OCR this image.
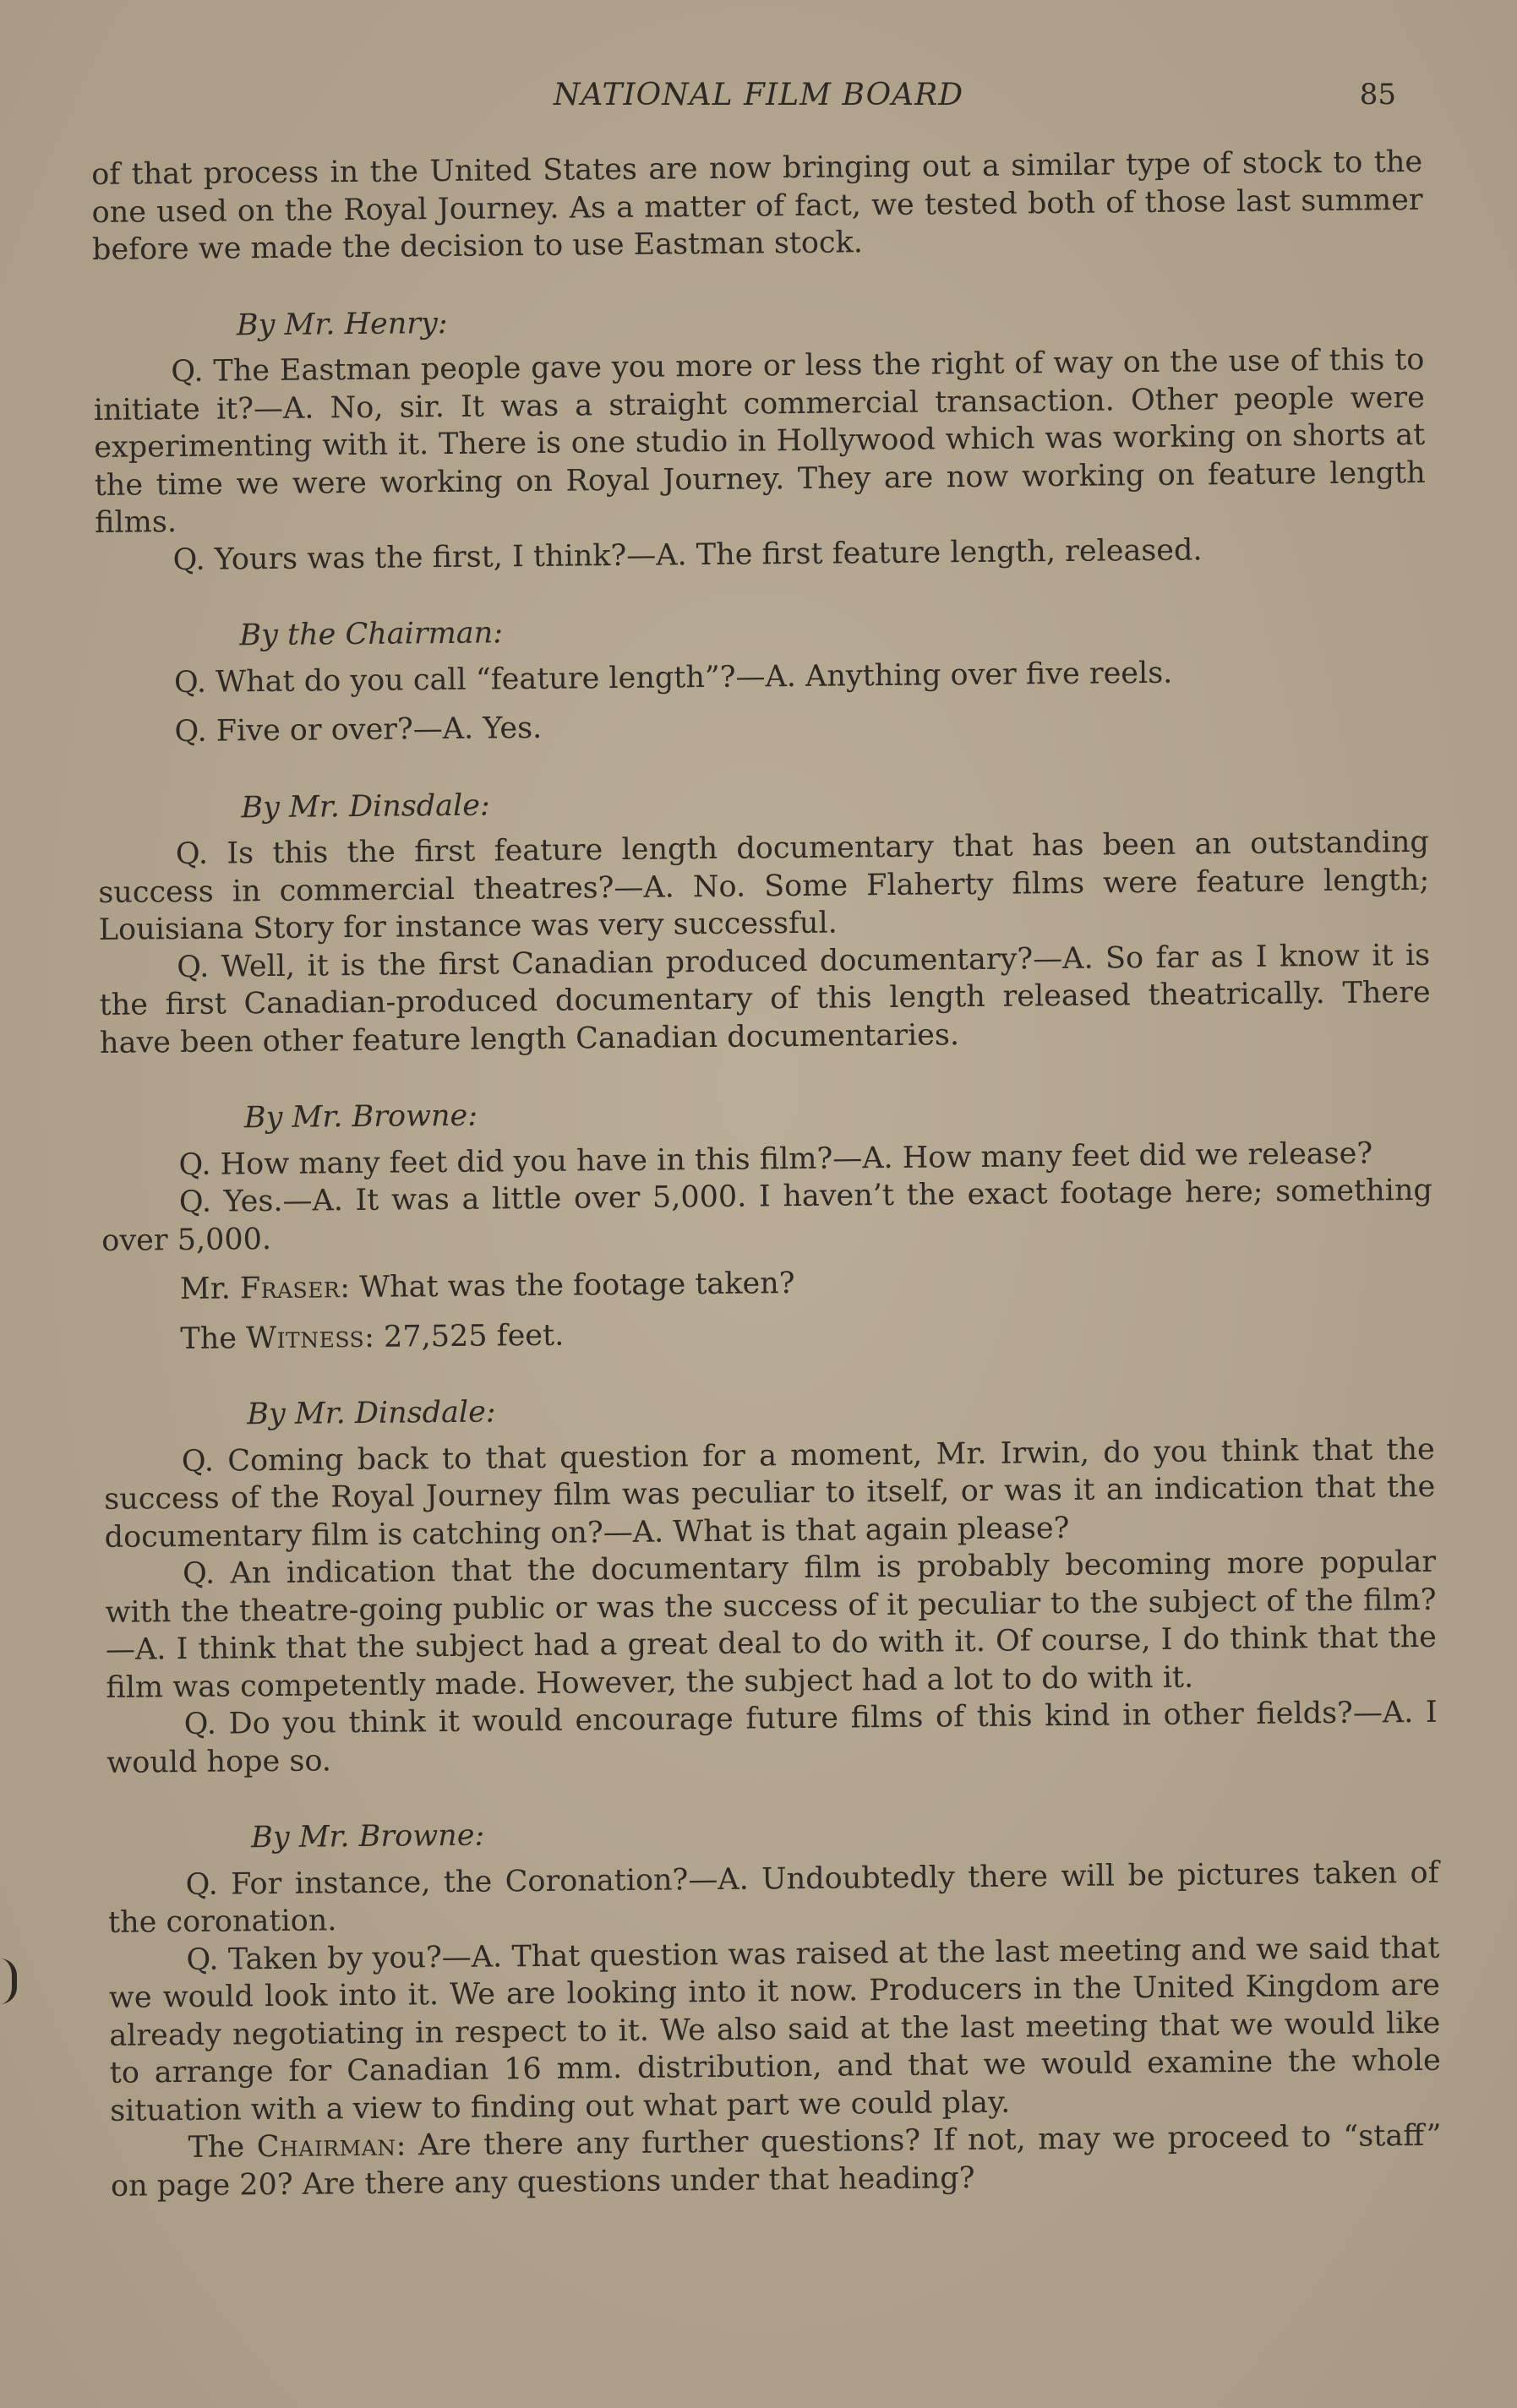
NATIONAL FILM BOARD	85

of that process in the United States are now bringing out a similar type of stock to the one used on the Royal Journey. As a matter of fact, we tested both of those last summer before we made the decision to use Eastman stock.

By Mr. Henry:

Q. The Eastman people gave you more or less the right of way on the use of this to initiate it?—A. No, sir. It was a straight commercial transaction. Other people were experimenting with it. There is one studio in Hollywood which was working on shorts at the time we were working on Royal Journey. They are now working on feature length films.

Q. Yours was the first, I think?—A. The first feature length, released.

By the Chairman:

Q. What do you call “feature length”?—A. Anything over five reels.

Q. Five or over?—A. Yes.

By Mr. Dinsdale:

Q. Is this the first feature length documentary that has been an outstanding success in commercial theatres?—A. No. Some Flaherty films were feature length; Louisiana Story for instance was very successful.

Q. Well, it is the first Canadian produced documentary?—A. So far as I know it is the first Canadian-produced documentary of this length released theatrically. There have been other feature length Canadian documentaries.

By Mr. Browne:

Q. How many feet did you have in this film?—A. How many feet did we release?

Q. Yes.—A. It was a little over 5,000. I haven’t the exact footage here; something over 5,000.

Mr. Fraser: What was the footage taken?

The Witness: 27,525 feet.

By Mr. Dinsdale:

Q. Coming back to that question for a moment, Mr. Irwin, do you think that the success of the Royal Journey film was peculiar to itself, or was it an indication that the documentary film is catching on?—A. What is that again please?

Q. An indication that the documentary film is probably becoming more popular with the theatre-going public or was the success of it peculiar to the subject of the film?—A. I think that the subject had a great deal to do with it. Of course, I do think that the film was competently made. However, the subject had a lot to do with it.

Q. Do you think it would encourage future films of this kind in other fields?—A. I would hope so.

By Mr. Browne:

Q. For instance, the Coronation?—A. Undoubtedly there will be pictures taken of the coronation.

Q. Taken by you?—A. That question was raised at the last meeting and we said that we would look into it. We are looking into it now. Producers in the United Kingdom are already negotiating in respect to it. We also said at the last meeting that we would like to arrange for Canadian 16 mm. distribution, and that we would examine the whole situation with a view to finding out what part we could play.

The Chairman: Are there any further questions? If not, may we proceed to “staff” on page 20? Are there any questions under that heading?
